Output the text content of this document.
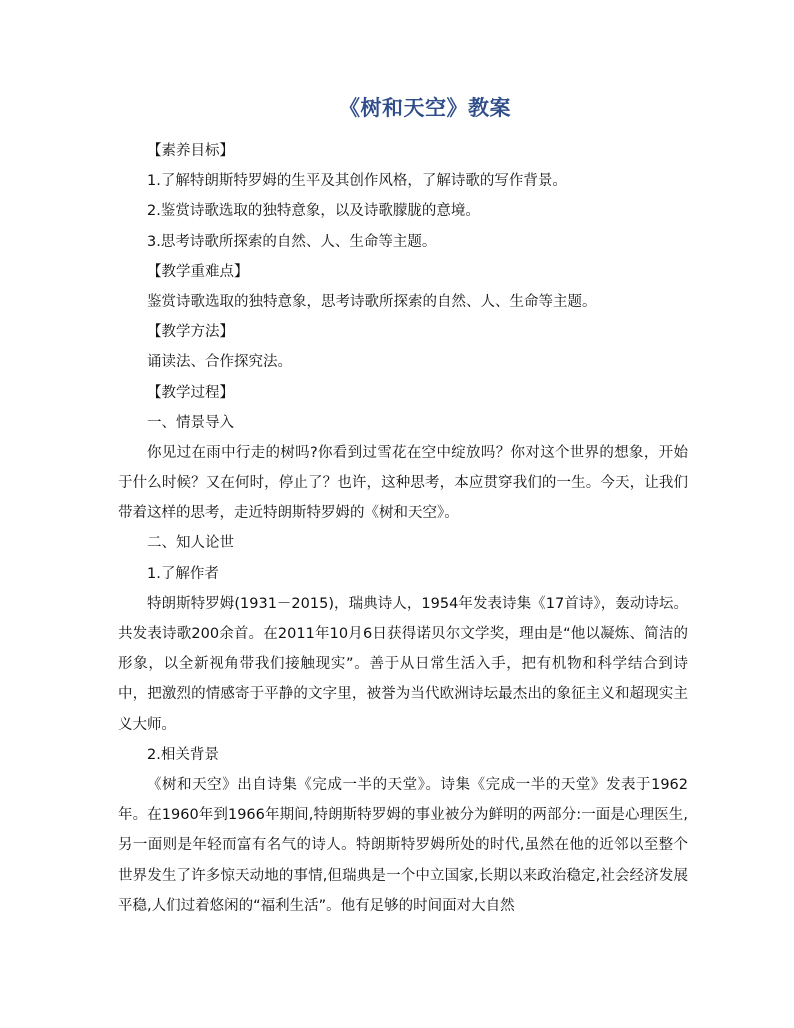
《树和天空》教案
【素养目标】
1.了解特朗斯特罗姆的生平及其创作风格，了解诗歌的写作背景。
2.鉴赏诗歌选取的独特意象，以及诗歌朦胧的意境。
3.思考诗歌所探索的自然、人、生命等主题。
【教学重难点】
鉴赏诗歌选取的独特意象，思考诗歌所探索的自然、人、生命等主题。
【教学方法】
诵读法、合作探究法。
【教学过程】
一、情景导入
你见过在雨中行走的树吗?你看到过雪花在空中绽放吗？你对这个世界的想象，开始于什么时候？又在何时，停止了？也许，这种思考，本应贯穿我们的一生。今天，让我们带着这样的思考，走近特朗斯特罗姆的《树和天空》。
二、知人论世
1.了解作者
特朗斯特罗姆(1931－2015)，瑞典诗人，1954年发表诗集《17首诗》，轰动诗坛。共发表诗歌200余首。在2011年10月6日获得诺贝尔文学奖，理由是“他以凝炼、简洁的形象，以全新视角带我们接触现实”。善于从日常生活入手，把有机物和科学结合到诗中，把激烈的情感寄于平静的文字里，被誉为当代欧洲诗坛最杰出的象征主义和超现实主义大师。
2.相关背景
《树和天空》出自诗集《完成一半的天堂》。诗集《完成一半的天堂》发表于1962年。在1960年到1966年期间,特朗斯特罗姆的事业被分为鲜明的两部分:一面是心理医生,另一面则是年轻而富有名气的诗人。特朗斯特罗姆所处的时代,虽然在他的近邻以至整个世界发生了许多惊天动地的事情,但瑞典是一个中立国家,长期以来政治稳定,社会经济发展平稳,人们过着悠闲的“福利生活”。他有足够的时间面对大自然
